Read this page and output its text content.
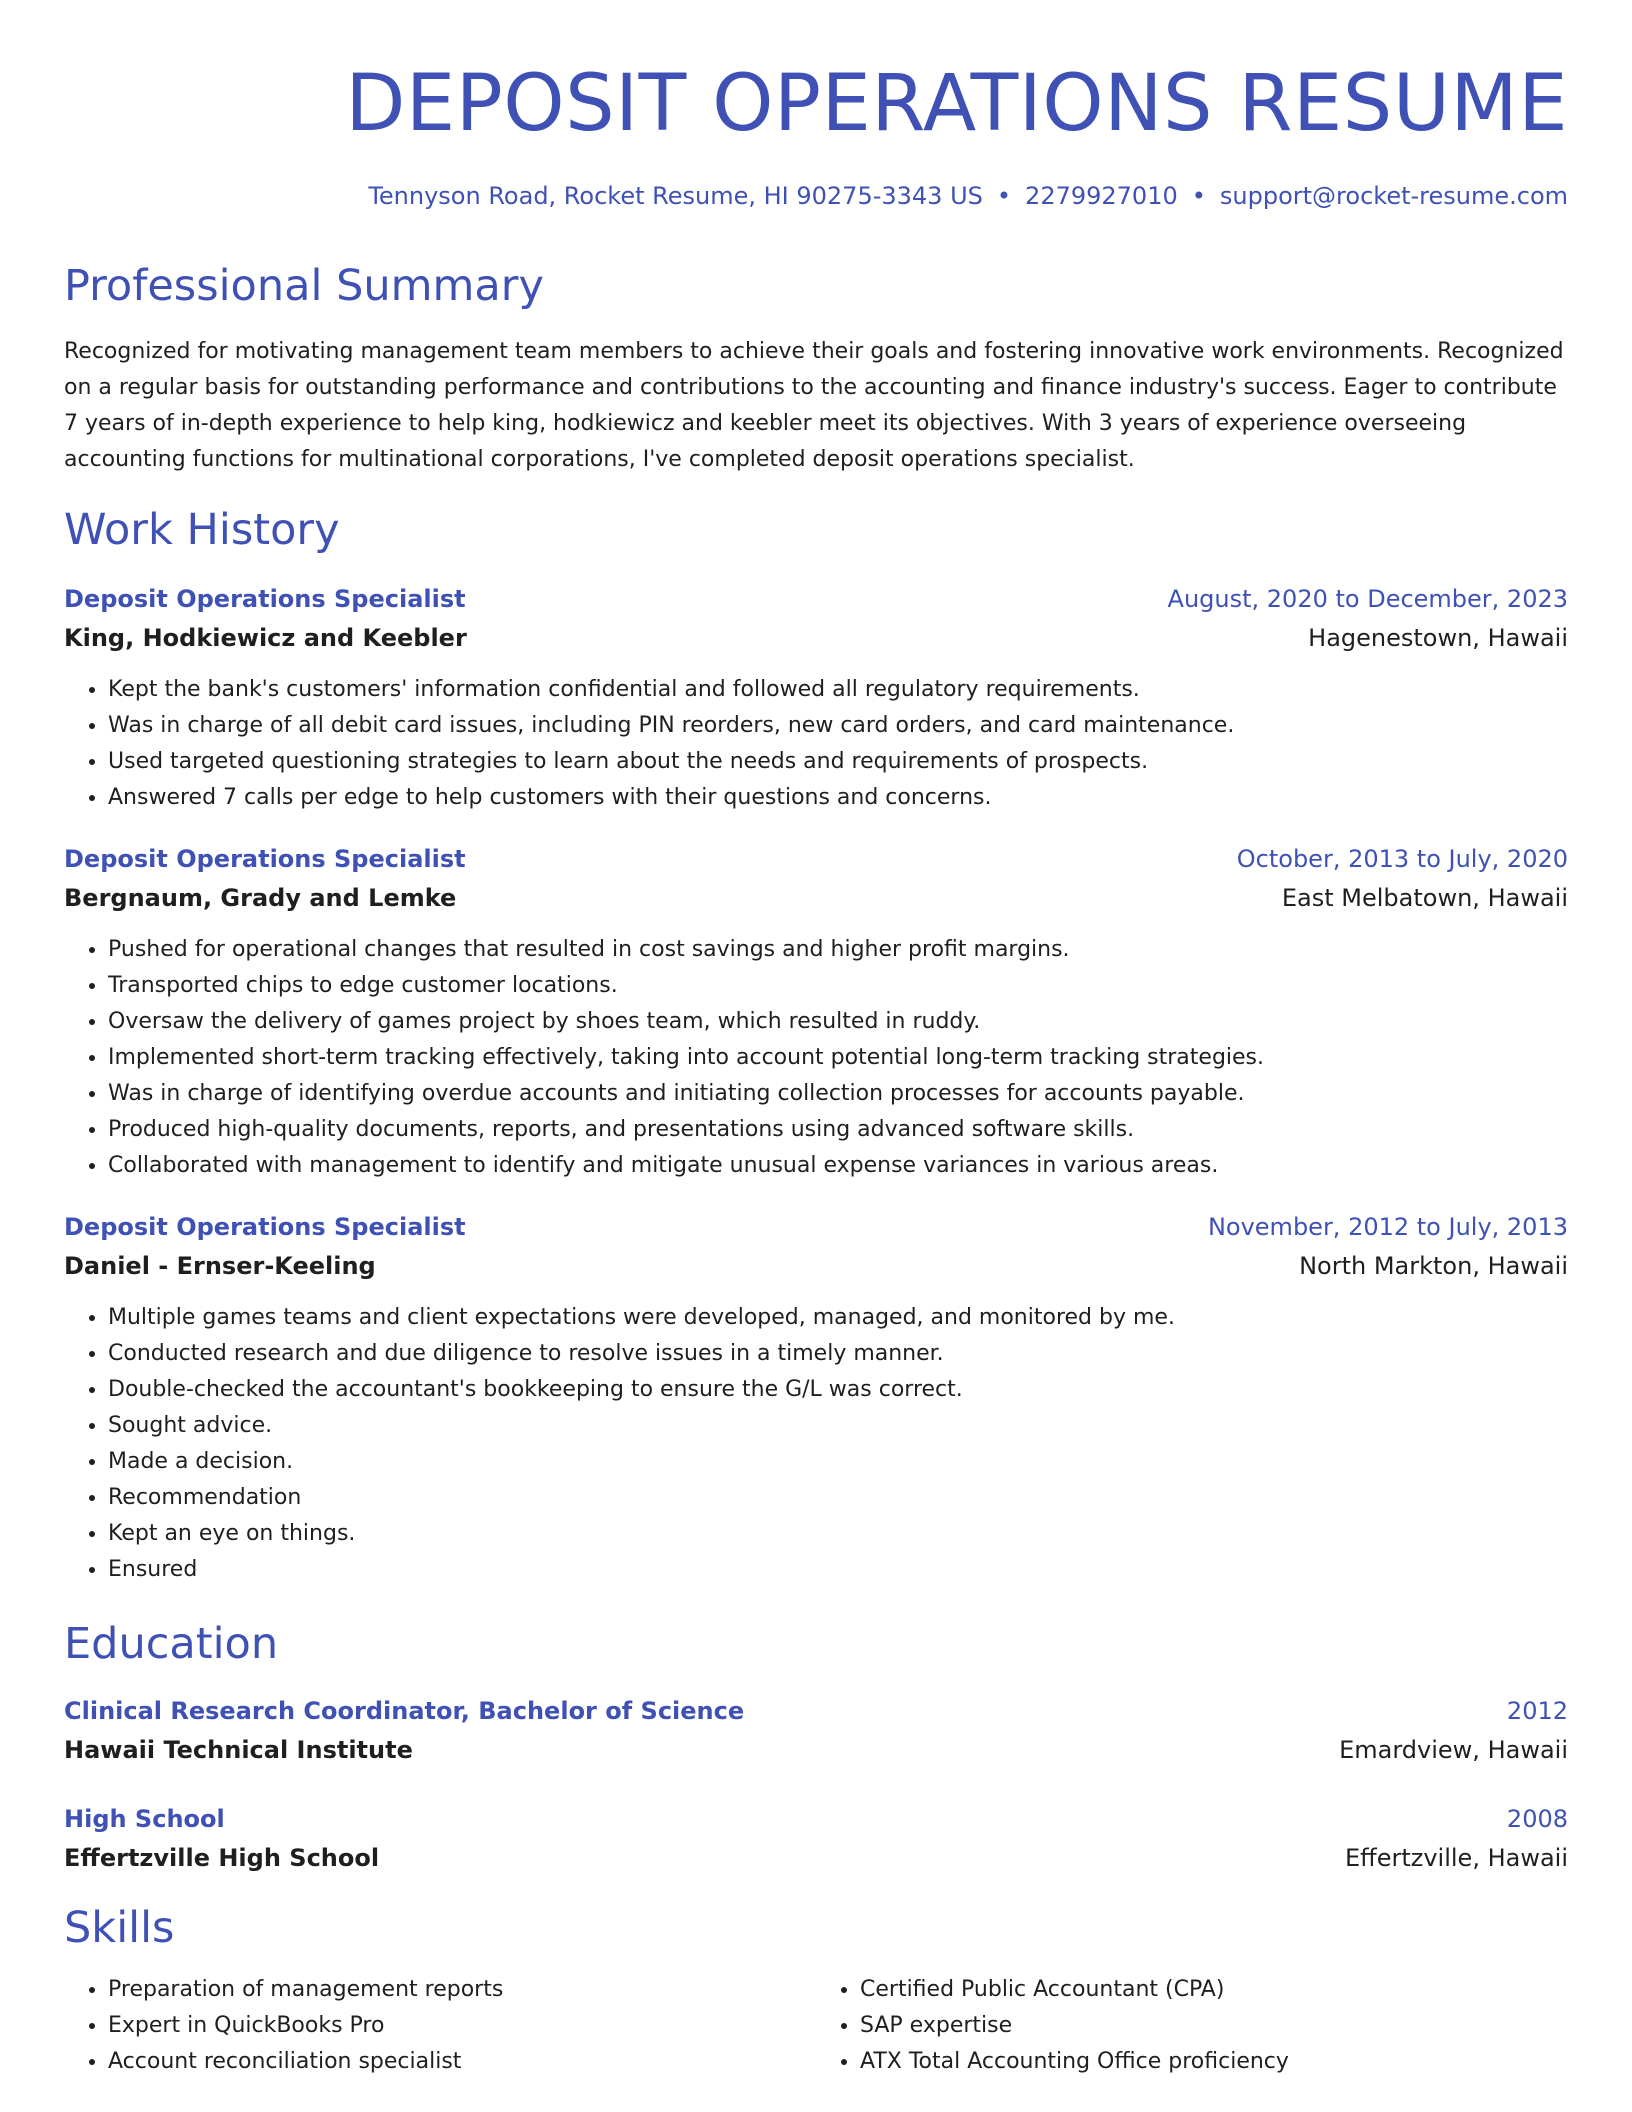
DEPOSIT OPERATIONS RESUME
Tennyson Road, Rocket Resume, HI 90275-3343 US • 2279927010 • support@rocket-resume.com
Professional Summary

Recognized for motivating management team members to achieve their goals and fostering innovative work environments. Recognized on a regular basis for outstanding performance and contributions to the accounting and finance industry's success. Eager to contribute 7 years of in-depth experience to help king, hodkiewicz and keebler meet its objectives. With 3 years of experience overseeing accounting functions for multinational corporations, I've completed deposit operations specialist.

Work History
Deposit Operations Specialist	August, 2020 to December, 2023
King, Hodkiewicz and Keebler	Hagenestown, Hawaii
• Kept the bank's customers' information confidential and followed all regulatory requirements.
• Was in charge of all debit card issues, including PIN reorders, new card orders, and card maintenance.
• Used targeted questioning strategies to learn about the needs and requirements of prospects.
• Answered 7 calls per edge to help customers with their questions and concerns.
Deposit Operations Specialist	October, 2013 to July, 2020
Bergnaum, Grady and Lemke	East Melbatown, Hawaii
• Pushed for operational changes that resulted in cost savings and higher profit margins.
• Transported chips to edge customer locations.
• Oversaw the delivery of games project by shoes team, which resulted in ruddy.
• Implemented short-term tracking effectively, taking into account potential long-term tracking strategies.
• Was in charge of identifying overdue accounts and initiating collection processes for accounts payable.
• Produced high-quality documents, reports, and presentations using advanced software skills.
• Collaborated with management to identify and mitigate unusual expense variances in various areas.
Deposit Operations Specialist	November, 2012 to July, 2013
Daniel - Ernser-Keeling	North Markton, Hawaii
• Multiple games teams and client expectations were developed, managed, and monitored by me.
• Conducted research and due diligence to resolve issues in a timely manner.
• Double-checked the accountant's bookkeeping to ensure the G/L was correct.
• Sought advice.
• Made a decision.
• Recommendation
• Kept an eye on things.
• Ensured
Education
Clinical Research Coordinator, Bachelor of Science	2012
Hawaii Technical Institute	Emardview, Hawaii
High School	2008
Effertzville High School	Effertzville, Hawaii
Skills
• Preparation of management reports
• Expert in QuickBooks Pro
• Account reconciliation specialist
• Certified Public Accountant (CPA)
• SAP expertise
• ATX Total Accounting Office proficiency
